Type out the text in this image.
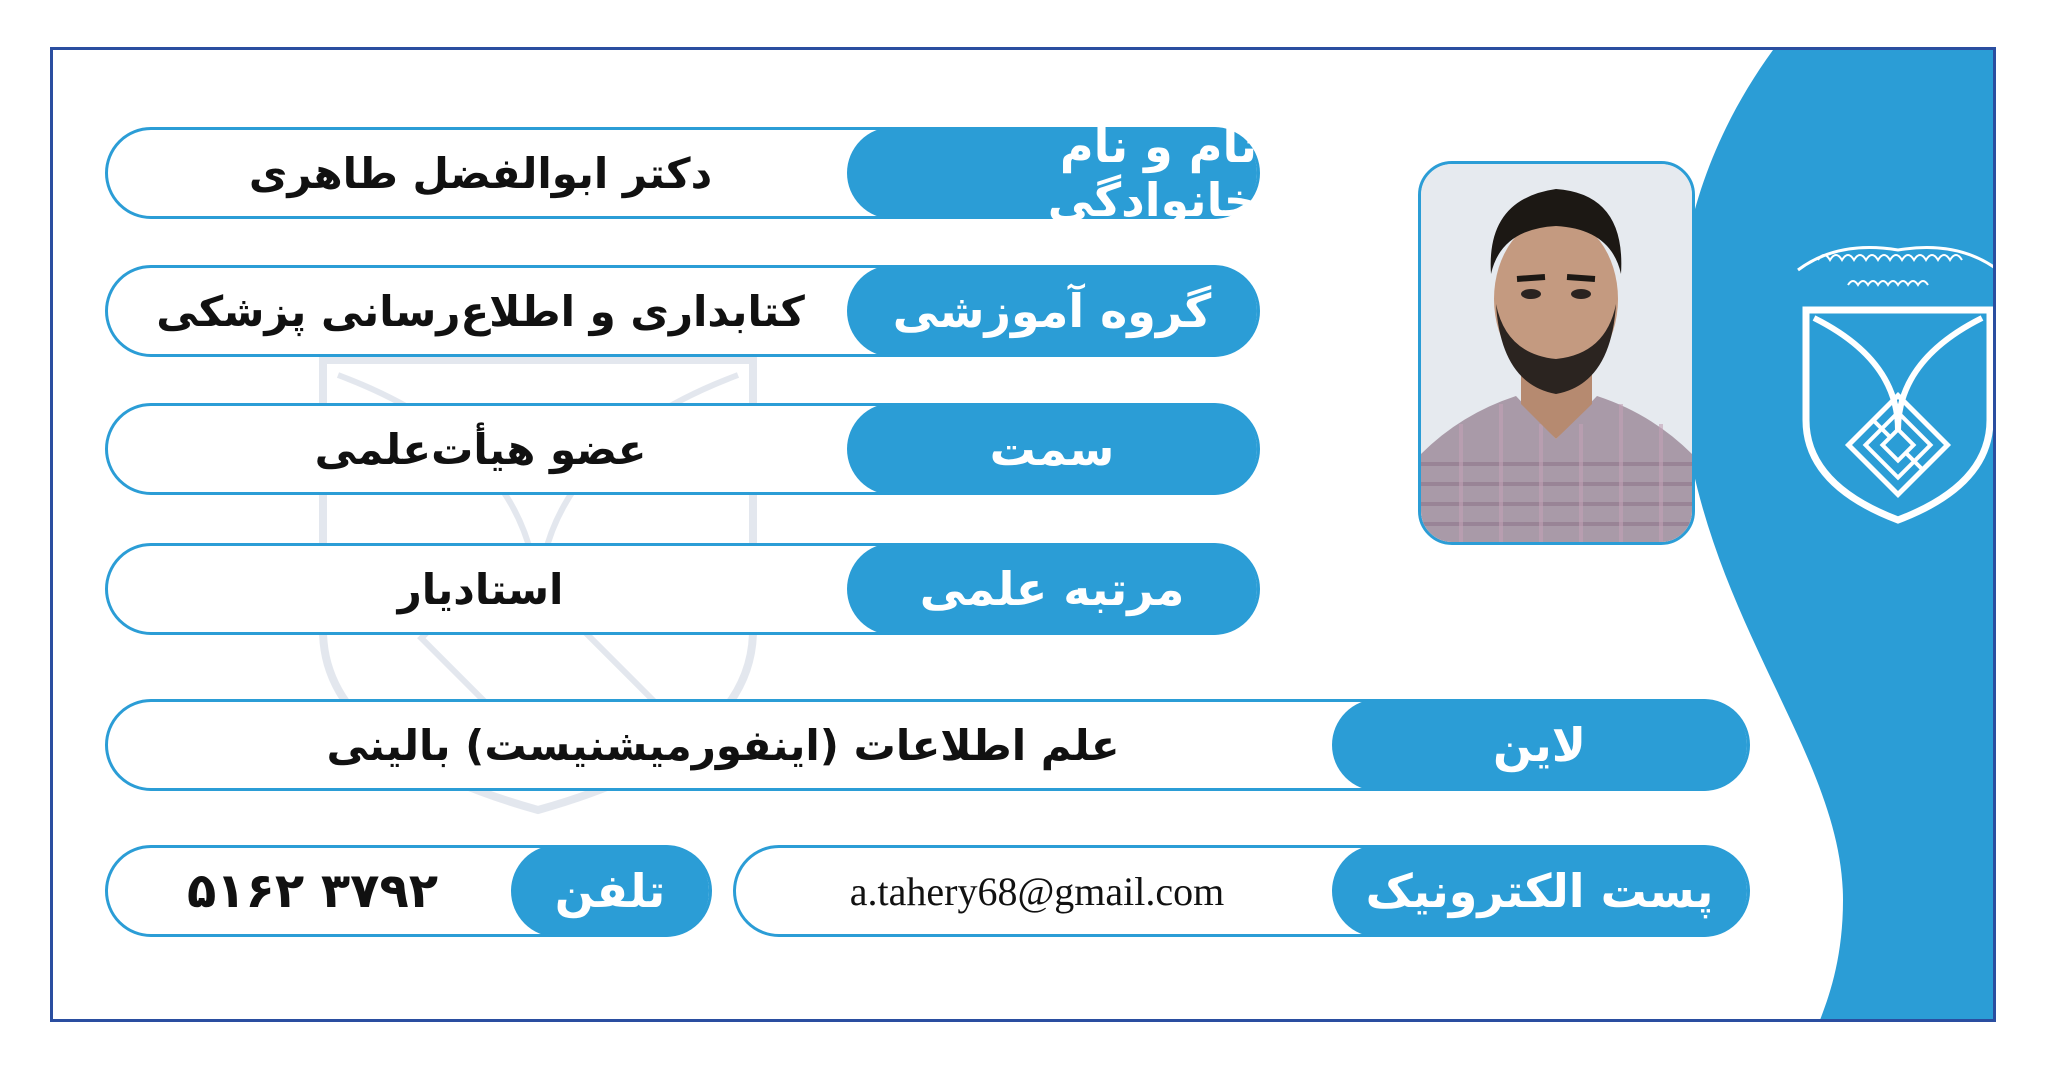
نام و نام خانوادگی
دکتر ابوالفضل طاهری
گروه آموزشی
کتابداری و اطلاع‌رسانی پزشکی
سمت
عضو هیأت‌علمی
مرتبه علمی
استادیار
لاین
علم اطلاعات (اینفورمیشنیست) بالینی
پست الکترونیک
a.tahery68@gmail.com
تلفن
۳۷۹۲ ۵۱۶۲
